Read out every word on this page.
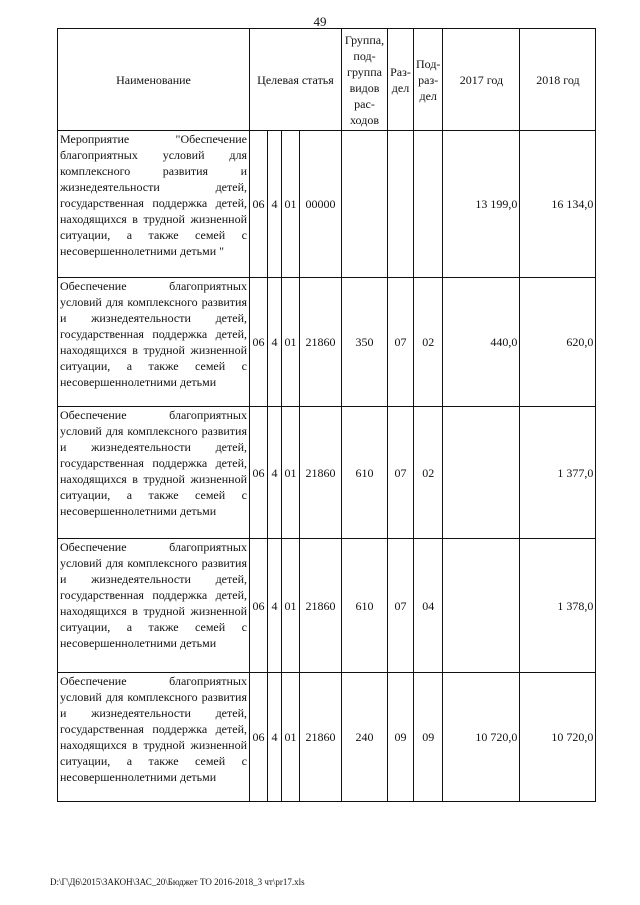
49
Наименование	Целевая статья				Группа, под-группа видов рас-ходов	Раз-дел	Под-раз-дел	2017 год	2018 год
Мероприятие "Обеспечение благоприятных условий для комплексного развития и жизнедеятельности детей, государственная поддержка детей, находящихся в трудной жизненной ситуации, а также семей с несовершеннолетними детьми "	06	4	01	00000				13 199,0	16 134,0
Обеспечение благоприятных условий для комплексного развития и жизнедеятельности детей, государственная поддержка детей, находящихся в трудной жизненной ситуации, а также семей с несовершеннолетними детьми	06	4	01	21860	350	07	02	440,0	620,0
Обеспечение благоприятных условий для комплексного развития и жизнедеятельности детей, государственная поддержка детей, находящихся в трудной жизненной ситуации, а также семей с несовершеннолетними детьми	06	4	01	21860	610	07	02		1 377,0
Обеспечение благоприятных условий для комплексного развития и жизнедеятельности детей, государственная поддержка детей, находящихся в трудной жизненной ситуации, а также семей с несовершеннолетними детьми	06	4	01	21860	610	07	04		1 378,0
Обеспечение благоприятных условий для комплексного развития и жизнедеятельности детей, государственная поддержка детей, находящихся в трудной жизненной ситуации, а также семей с несовершеннолетними детьми	06	4	01	21860	240	09	09	10 720,0	10 720,0
D:\Г\Д6\2015\ЗАКОН\ЗАС_20\Бюджет ТО 2016-2018_3 чт\pr17.xls
